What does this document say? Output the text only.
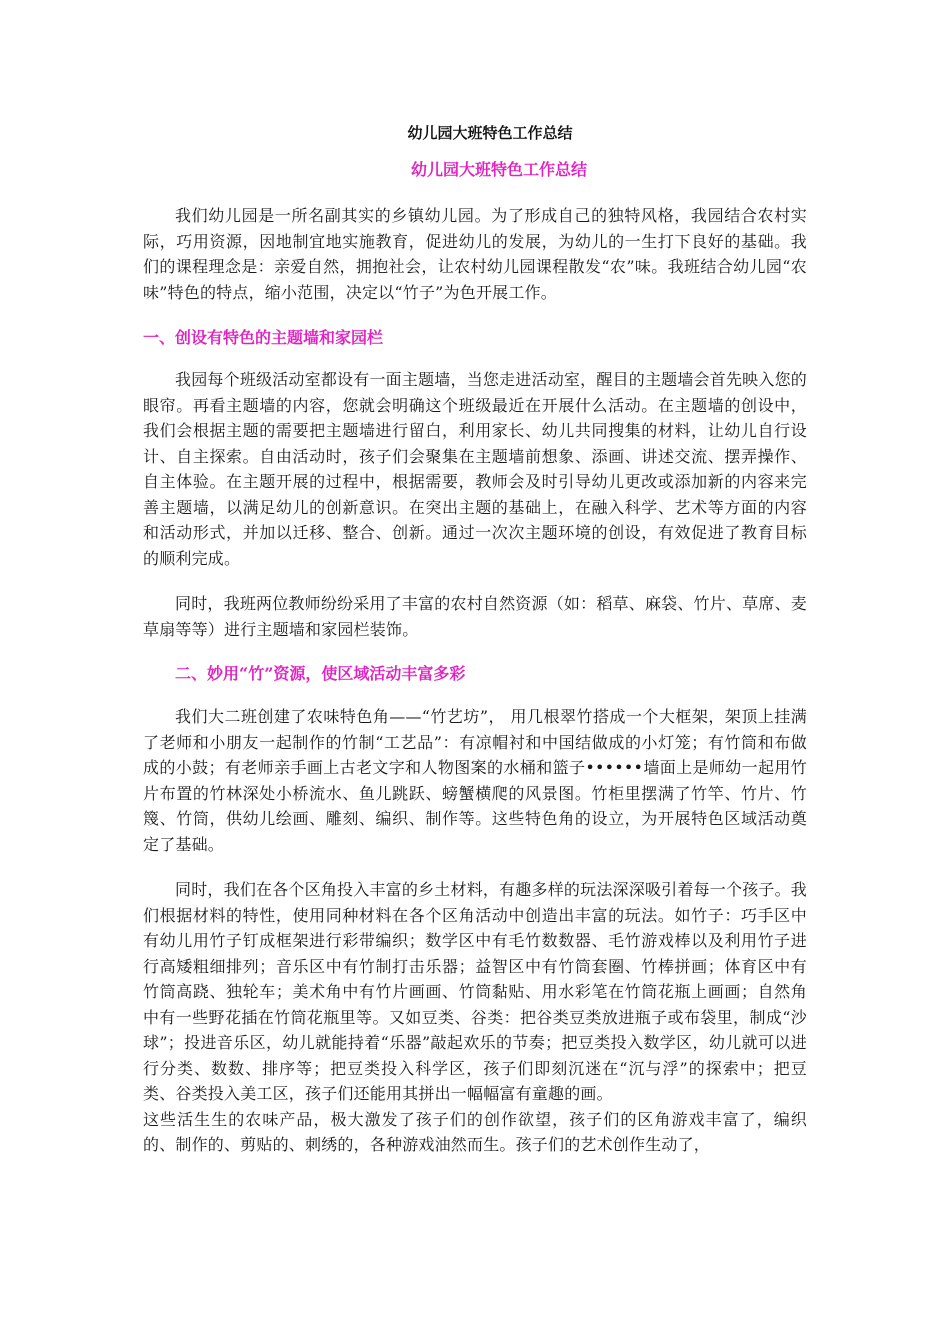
幼儿园大班特色工作总结
幼儿园大班特色工作总结

我们幼儿园是一所名副其实的乡镇幼儿园。为了形成自己的独特风格，我园结合农村实际，巧用资源，因地制宜地实施教育，促进幼儿的发展，为幼儿的一生打下良好的基础。我们的课程理念是：亲爱自然，拥抱社会，让农村幼儿园课程散发“农”味。我班结合幼儿园“农味”特色的特点，缩小范围，决定以“竹子”为色开展工作。

一、创设有特色的主题墙和家园栏

我园每个班级活动室都设有一面主题墙，当您走进活动室，醒目的主题墙会首先映入您的眼帘。再看主题墙的内容，您就会明确这个班级最近在开展什么活动。在主题墙的创设中，我们会根据主题的需要把主题墙进行留白，利用家长、幼儿共同搜集的材料，让幼儿自行设计、自主探索。自由活动时，孩子们会聚集在主题墙前想象、添画、讲述交流、摆弄操作、自主体验。在主题开展的过程中，根据需要，教师会及时引导幼儿更改或添加新的内容来完善主题墙，以满足幼儿的创新意识。在突出主题的基础上，在融入科学、艺术等方面的内容和活动形式，并加以迁移、整合、创新。通过一次次主题环境的创设，有效促进了教育目标的顺利完成。

同时，我班两位教师纷纷采用了丰富的农村自然资源（如：稻草、麻袋、竹片、草席、麦草扇等等）进行主题墙和家园栏装饰。

二、妙用“竹”资源，使区域活动丰富多彩

我们大二班创建了农味特色角——“竹艺坊”， 用几根翠竹搭成一个大框架，架顶上挂满了老师和小朋友一起制作的竹制“工艺品”：有凉帽衬和中国结做成的小灯笼；有竹筒和布做成的小鼓；有老师亲手画上古老文字和人物图案的水桶和篮子••••••墙面上是师幼一起用竹片布置的竹林深处小桥流水、鱼儿跳跃、螃蟹横爬的风景图。竹柜里摆满了竹竿、竹片、竹篾、竹筒，供幼儿绘画、雕刻、编织、制作等。这些特色角的设立，为开展特色区域活动奠定了基础。

同时，我们在各个区角投入丰富的乡土材料，有趣多样的玩法深深吸引着每一个孩子。我们根据材料的特性，使用同种材料在各个区角活动中创造出丰富的玩法。如竹子：巧手区中有幼儿用竹子钉成框架进行彩带编织；数学区中有毛竹数数器、毛竹游戏棒以及利用竹子进行高矮粗细排列；音乐区中有竹制打击乐器；益智区中有竹筒套圈、竹棒拼画；体育区中有竹筒高跷、独轮车；美术角中有竹片画画、竹筒黏贴、用水彩笔在竹筒花瓶上画画；自然角中有一些野花插在竹筒花瓶里等。又如豆类、谷类：把谷类豆类放进瓶子或布袋里，制成“沙球”；投进音乐区，幼儿就能持着“乐器”敲起欢乐的节奏；把豆类投入数学区，幼儿就可以进行分类、数数、排序等；把豆类投入科学区，孩子们即刻沉迷在“沉与浮”的探索中；把豆类、谷类投入美工区，孩子们还能用其拼出一幅幅富有童趣的画。

这些活生生的农味产品，极大激发了孩子们的创作欲望，孩子们的区角游戏丰富了，编织的、制作的、剪贴的、刺绣的，各种游戏油然而生。孩子们的艺术创作生动了，
